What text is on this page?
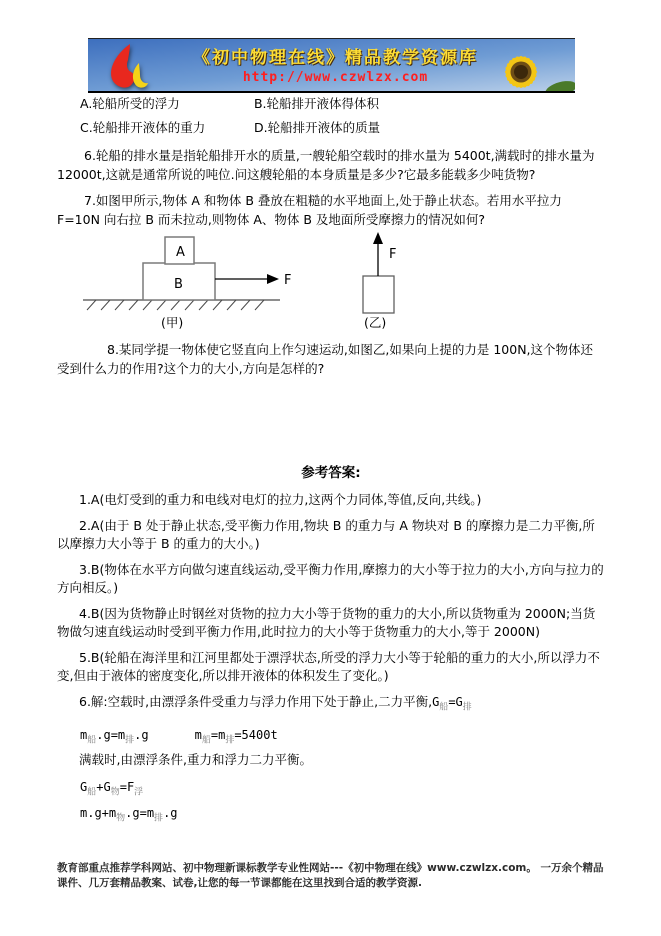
《初中物理在线》精品教学资源库
http://www.czwlzx.com

A.轮船所受的浮力	B.轮船排开液体得体积

C.轮船排开液体的重力	D.轮船排开液体的质量

6.轮船的排水量是指轮船排开水的质量,一艘轮船空载时的排水量为 5400t,满载时的排水量为 12000t,这就是通常所说的吨位.问这艘轮船的本身质量是多少?它最多能载多少吨货物?

7.如图甲所示,物体 A 和物体 B 叠放在粗糙的水平地面上,处于静止状态。若用水平拉力 F=10N 向右拉 B 而未拉动,则物体 A、物体 B 及地面所受摩擦力的情况如何?

A
B	F
(甲)
F
(乙)

8.某同学提一物体使它竖直向上作匀速运动,如图乙,如果向上提的力是 100N,这个物体还受到什么力的作用?这个力的大小,方向是怎样的?

参考答案:

1.A(电灯受到的重力和电线对电灯的拉力,这两个力同体,等值,反向,共线。)

2.A(由于 B 处于静止状态,受平衡力作用,物块 B 的重力与 A 物块对 B 的摩擦力是二力平衡,所以摩擦力大小等于 B 的重力的大小。)

3.B(物体在水平方向做匀速直线运动,受平衡力作用,摩擦力的大小等于拉力的大小,方向与拉力的方向相反。)

4.B(因为货物静止时钢丝对货物的拉力大小等于货物的重力的大小,所以货物重为 2000N;当货物做匀速直线运动时受到平衡力作用,此时拉力的大小等于货物重力的大小,等于 2000N)

5.B(轮船在海洋里和江河里都处于漂浮状态,所受的浮力大小等于轮船的重力的大小,所以浮力不变,但由于液体的密度变化,所以排开液体的体积发生了变化。)

6.解:空载时,由漂浮条件受重力与浮力作用下处于静止,二力平衡$,G_船=G_排$

$m_船.g=m_排.g$	$m_船=m_排=5400t$

满载时,由漂浮条件,重力和浮力二力平衡。

$G_船+G_物=F_浮$

$m.g+m_物.g=m_排.g$

教育部重点推荐学科网站、初中物理新课标教学专业性网站---《初中物理在线》www.czwlzx.com。 一万余个精品课件、几万套精品教案、试卷,让您的每一节课都能在这里找到合适的教学资源.
